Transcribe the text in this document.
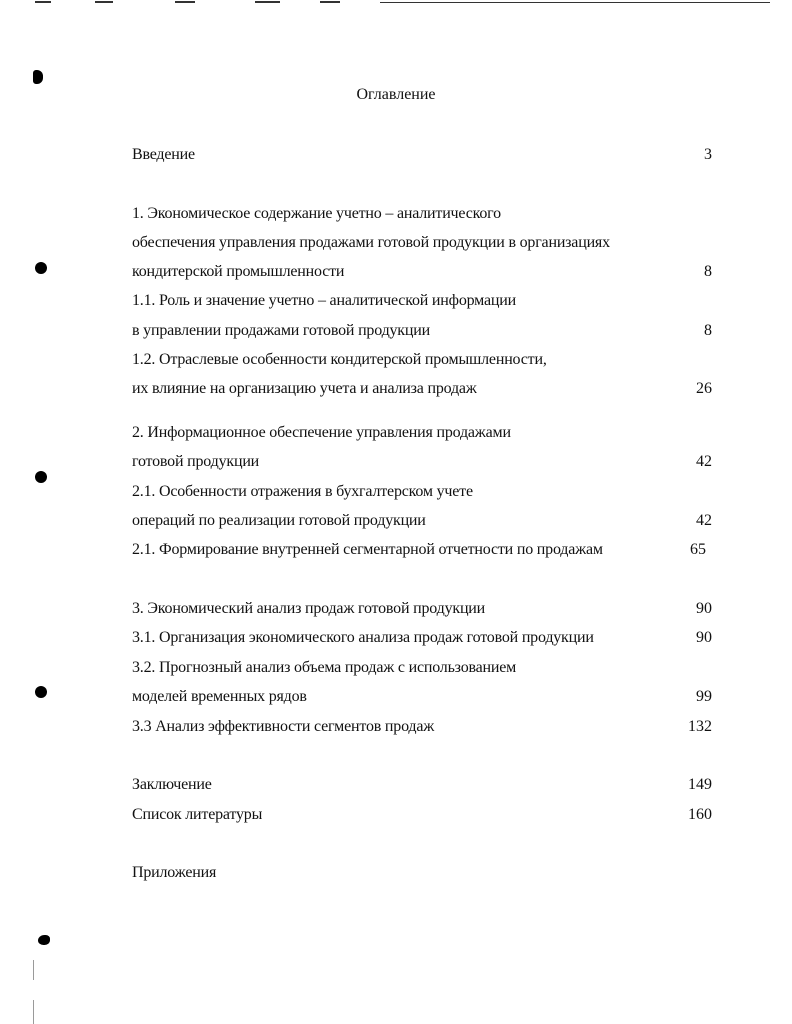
Оглавление
Введение	3
1. Экономическое содержание учетно – аналитического
обеспечения управления продажами готовой продукции в организациях
кондитерской промышленности	8
1.1. Роль и значение учетно – аналитической информации
в управлении продажами готовой продукции	8
1.2. Отраслевые особенности кондитерской промышленности,
их влияние на организацию учета и анализа продаж	26
2. Информационное обеспечение управления продажами
готовой продукции	42
2.1. Особенности отражения в бухгалтерском учете
операций по реализации готовой продукции	42
2.1. Формирование внутренней сегментарной отчетности по продажам	65
3. Экономический анализ продаж готовой продукции	90
3.1. Организация экономического анализа продаж готовой продукции	90
3.2. Прогнозный анализ объема продаж с использованием
моделей временных рядов	99
3.3 Анализ эффективности сегментов продаж	132
Заключение	149
Список литературы	160
Приложения
